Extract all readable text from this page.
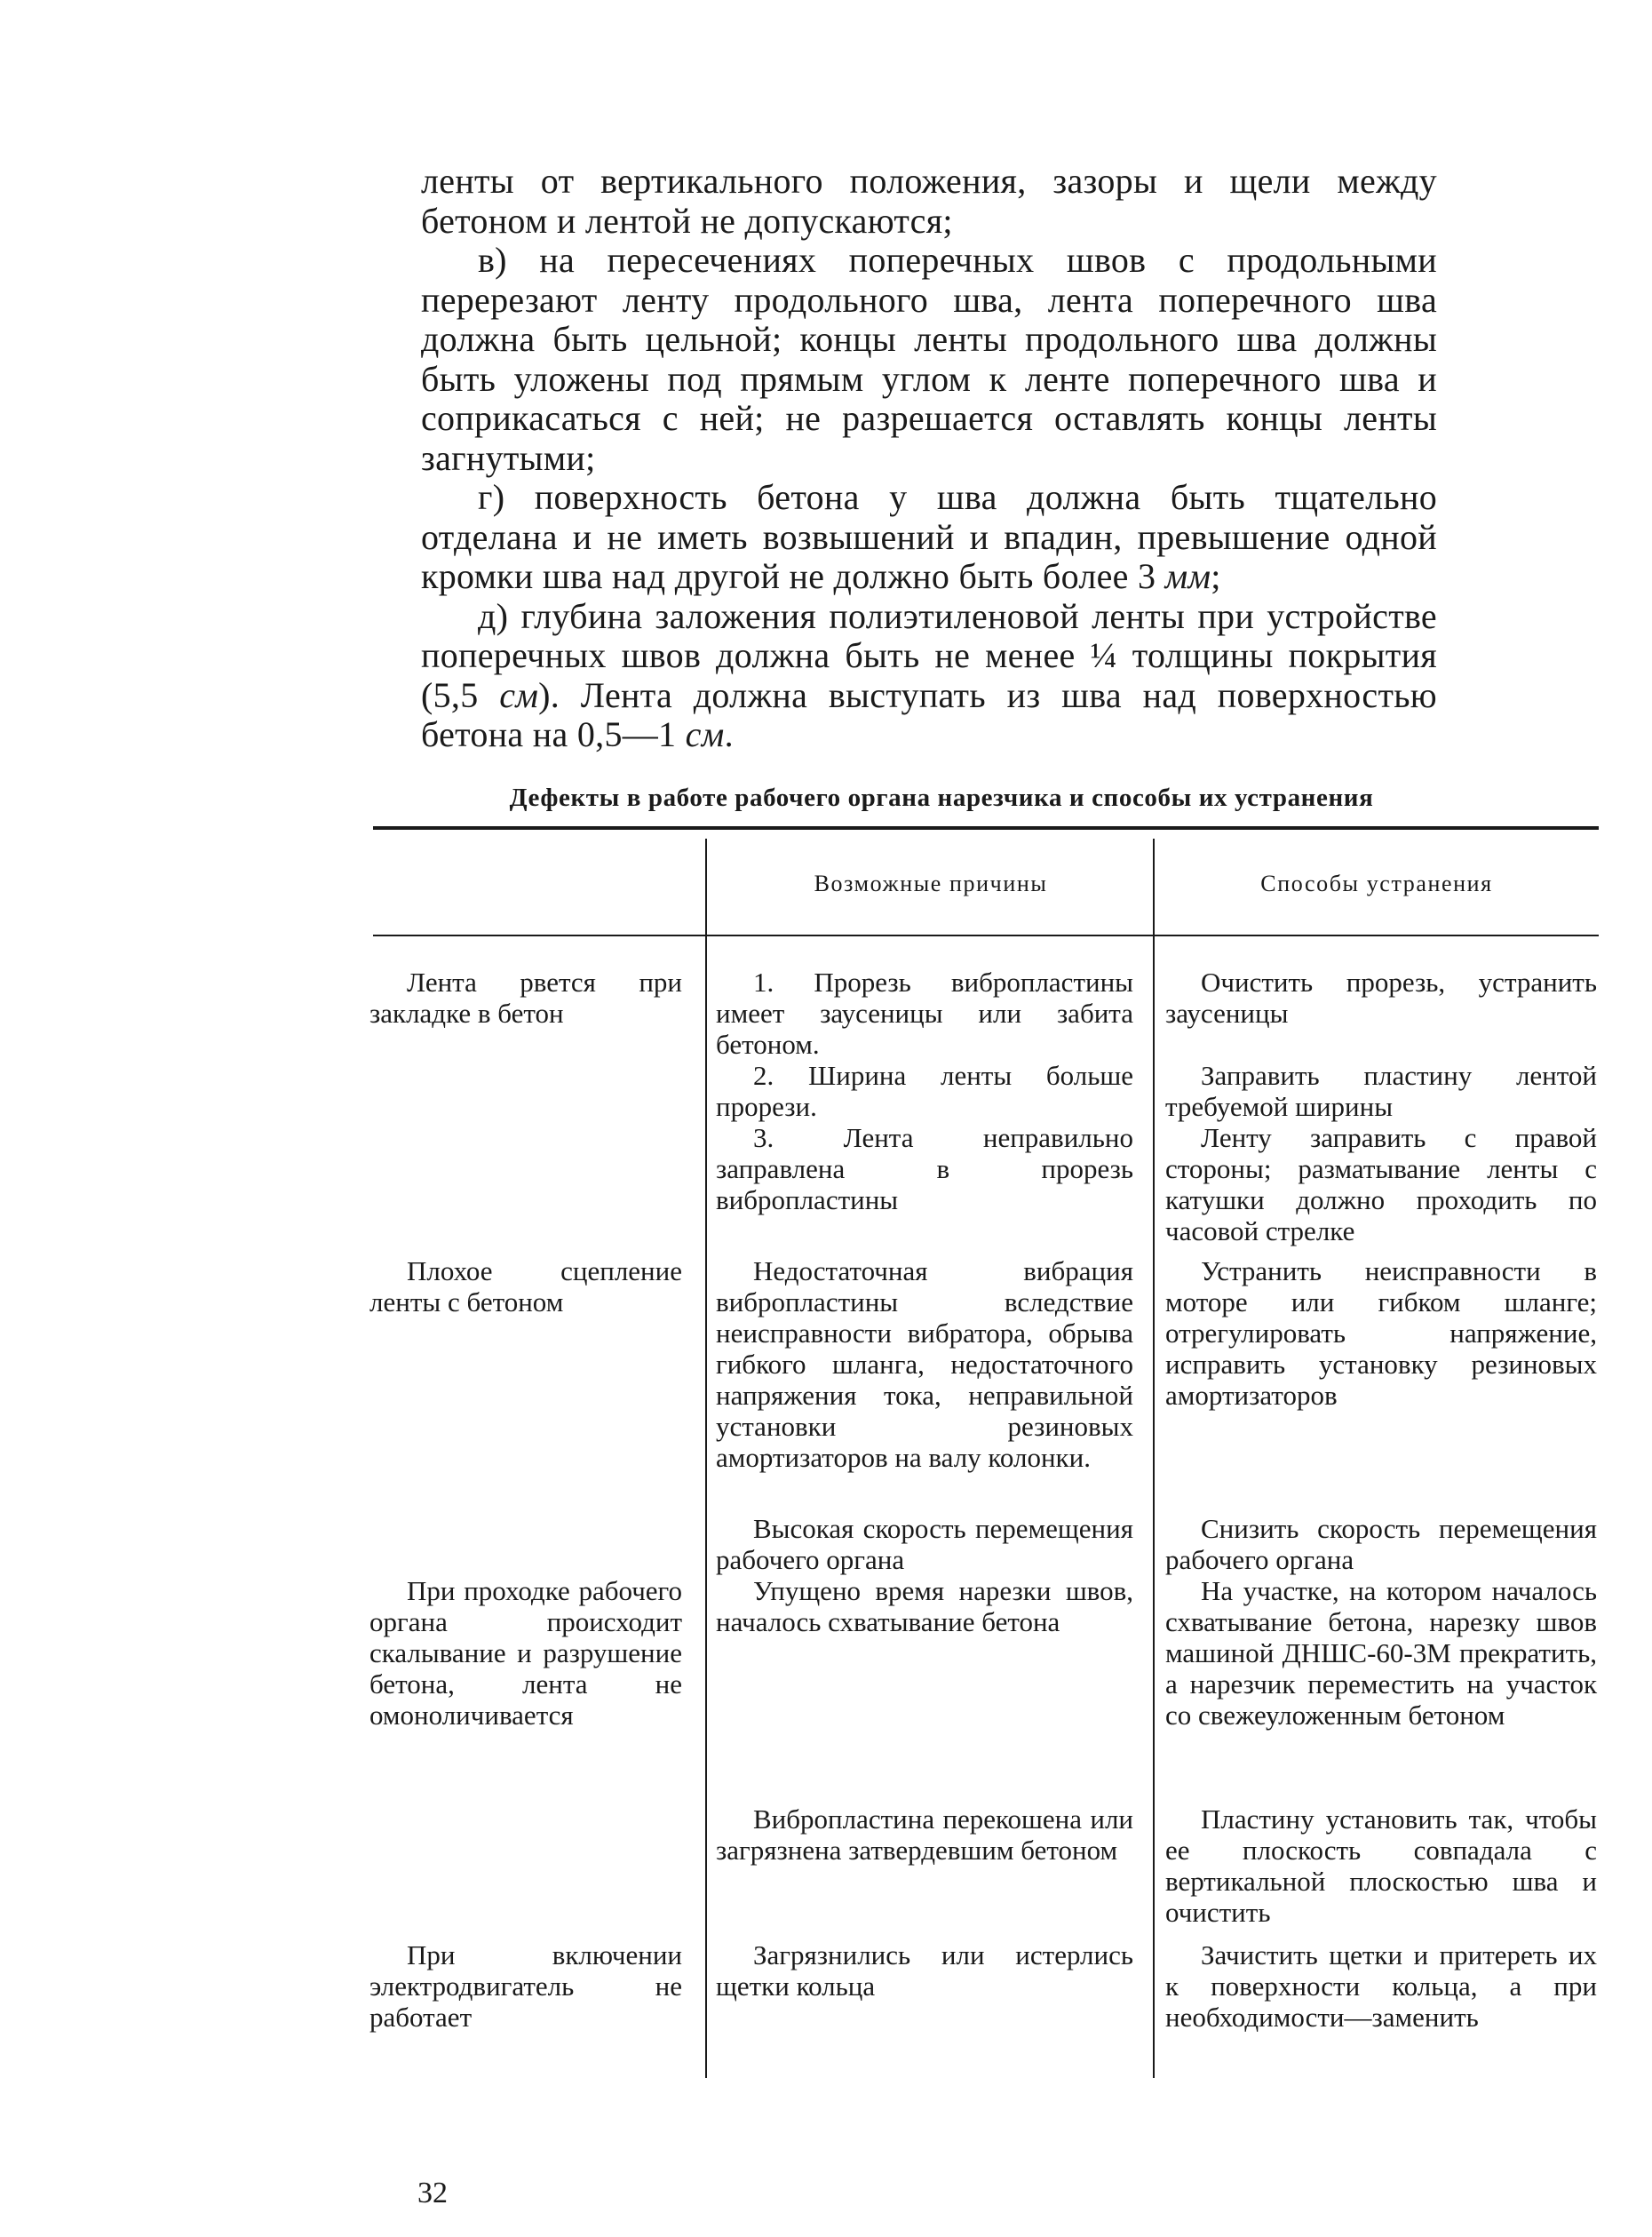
ленты от вертикального положения, зазоры и щели между бетоном и лентой не допускаются;

в) на пересечениях поперечных швов с продольными перерезают ленту продольного шва, лента поперечного шва должна быть цельной; концы ленты продольного шва должны быть уложены под прямым углом к ленте поперечного шва и соприкасаться с ней; не разрешается оставлять концы ленты загнутыми;

г) поверхность бетона у шва должна быть тщательно отделана и не иметь возвышений и впадин, превышение одной кромки шва над другой не должно быть более 3 мм;

д) глубина заложения полиэтиленовой ленты при устройстве поперечных швов должна быть не менее ¼ толщины покрытия (5,5 см). Лента должна выступать из шва над поверхностью бетона на 0,5—1 см.

Дефекты в работе рабочего органа нарезчика и способы их устранения
Возможные причины	Способы устранения

Лента рвется при закладке в бетон

1. Прорезь вибропластины имеет заусеницы или забита бетоном.

Очистить прорезь, устранить заусеницы

2. Ширина ленты больше прорези.

Заправить пластину лентой требуемой ширины

3. Лента неправильно заправлена в прорезь вибропластины

Ленту заправить с правой стороны; разматывание ленты с катушки должно проходить по часовой стрелке

Плохое сцепление ленты с бетоном

Недостаточная вибрация вибропластины вследствие неисправности вибратора, обрыва гибкого шланга, недостаточного напряжения тока, неправильной установки резиновых амортизаторов на валу колонки.

Устранить неисправности в моторе или гибком шланге; отрегулировать напряжение, исправить установку резиновых амортизаторов

Высокая скорость перемещения рабочего органа

Снизить скорость перемещения рабочего органа

При проходке рабочего органа происходит скалывание и разрушение бетона, лента не омоноличивается

Упущено время нарезки швов, началось схватывание бетона

На участке, на котором началось схватывание бетона, нарезку швов машиной ДНШС-60-3М прекратить, а нарезчик переместить на участок со свежеуложенным бетоном

Вибропластина перекошена или загрязнена затвердевшим бетоном

Пластину установить так, чтобы ее плоскость совпадала с вертикальной плоскостью шва и очистить

При включении электродвигатель не работает

Загрязнились или истерлись щетки кольца

Зачистить щетки и притереть их к поверхности кольца, а при необходимости—заменить

32
